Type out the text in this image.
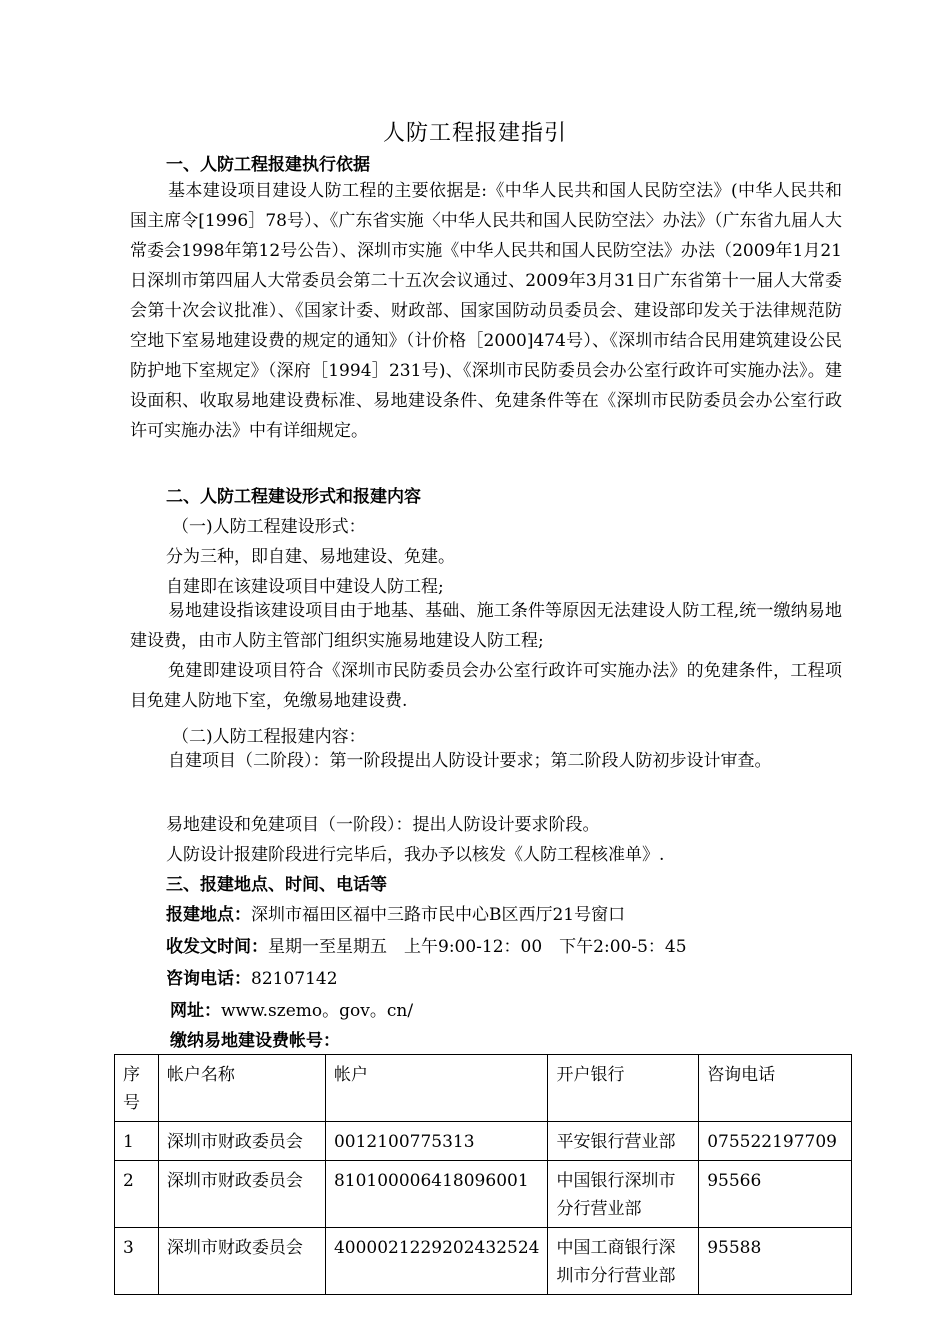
人防工程报建指引
一、人防工程报建执行依据
基本建设项目建设人防工程的主要依据是:《中华人民共和国人民防空法》(中华人民共和国主席令[1996］78号）、《广东省实施〈中华人民共和国人民防空法〉办法》（广东省九届人大常委会1998年第12号公告）、深圳市实施《中华人民共和国人民防空法》办法（2009年1月21日深圳市第四届人大常委员会第二十五次会议通过、2009年3月31日广东省第十一届人大常委会第十次会议批准）、《国家计委、财政部、国家国防动员委员会、建设部印发关于法律规范防空地下室易地建设费的规定的通知》（计价格［2000]474号）、《深圳市结合民用建筑建设公民防护地下室规定》（深府［1994］231号)、《深圳市民防委员会办公室行政许可实施办法》。建设面积、收取易地建设费标准、易地建设条件、免建条件等在《深圳市民防委员会办公室行政许可实施办法》中有详细规定。
二、人防工程建设形式和报建内容
（一)人防工程建设形式：
分为三种，即自建、易地建设、免建。
自建即在该建设项目中建设人防工程;
易地建设指该建设项目由于地基、基础、施工条件等原因无法建设人防工程,统一缴纳易地建设费，由市人防主管部门组织实施易地建设人防工程;
免建即建设项目符合《深圳市民防委员会办公室行政许可实施办法》的免建条件，工程项目免建人防地下室，免缴易地建设费.
（二)人防工程报建内容：
自建项目（二阶段）：第一阶段提出人防设计要求；第二阶段人防初步设计审查。
易地建设和免建项目（一阶段）：提出人防设计要求阶段。
人防设计报建阶段进行完毕后，我办予以核发《人防工程核准单》.
三、报建地点、时间、电话等
报建地点：深圳市福田区福中三路市民中心B区西厅21号窗口
收发文时间：星期一至星期五　上午9:00-12：00　下午2:00-5：45
咨询电话：82107142
网址：www.szemo。gov。cn/
缴纳易地建设费帐号：
序号	帐户名称	帐户	开户银行	咨询电话
1	深圳市财政委员会	0012100775313	平安银行营业部	075522197709
2	深圳市财政委员会	810100006418096001	中国银行深圳市分行营业部	95566
3	深圳市财政委员会	4000021229202432524	中国工商银行深圳市分行营业部	95588
